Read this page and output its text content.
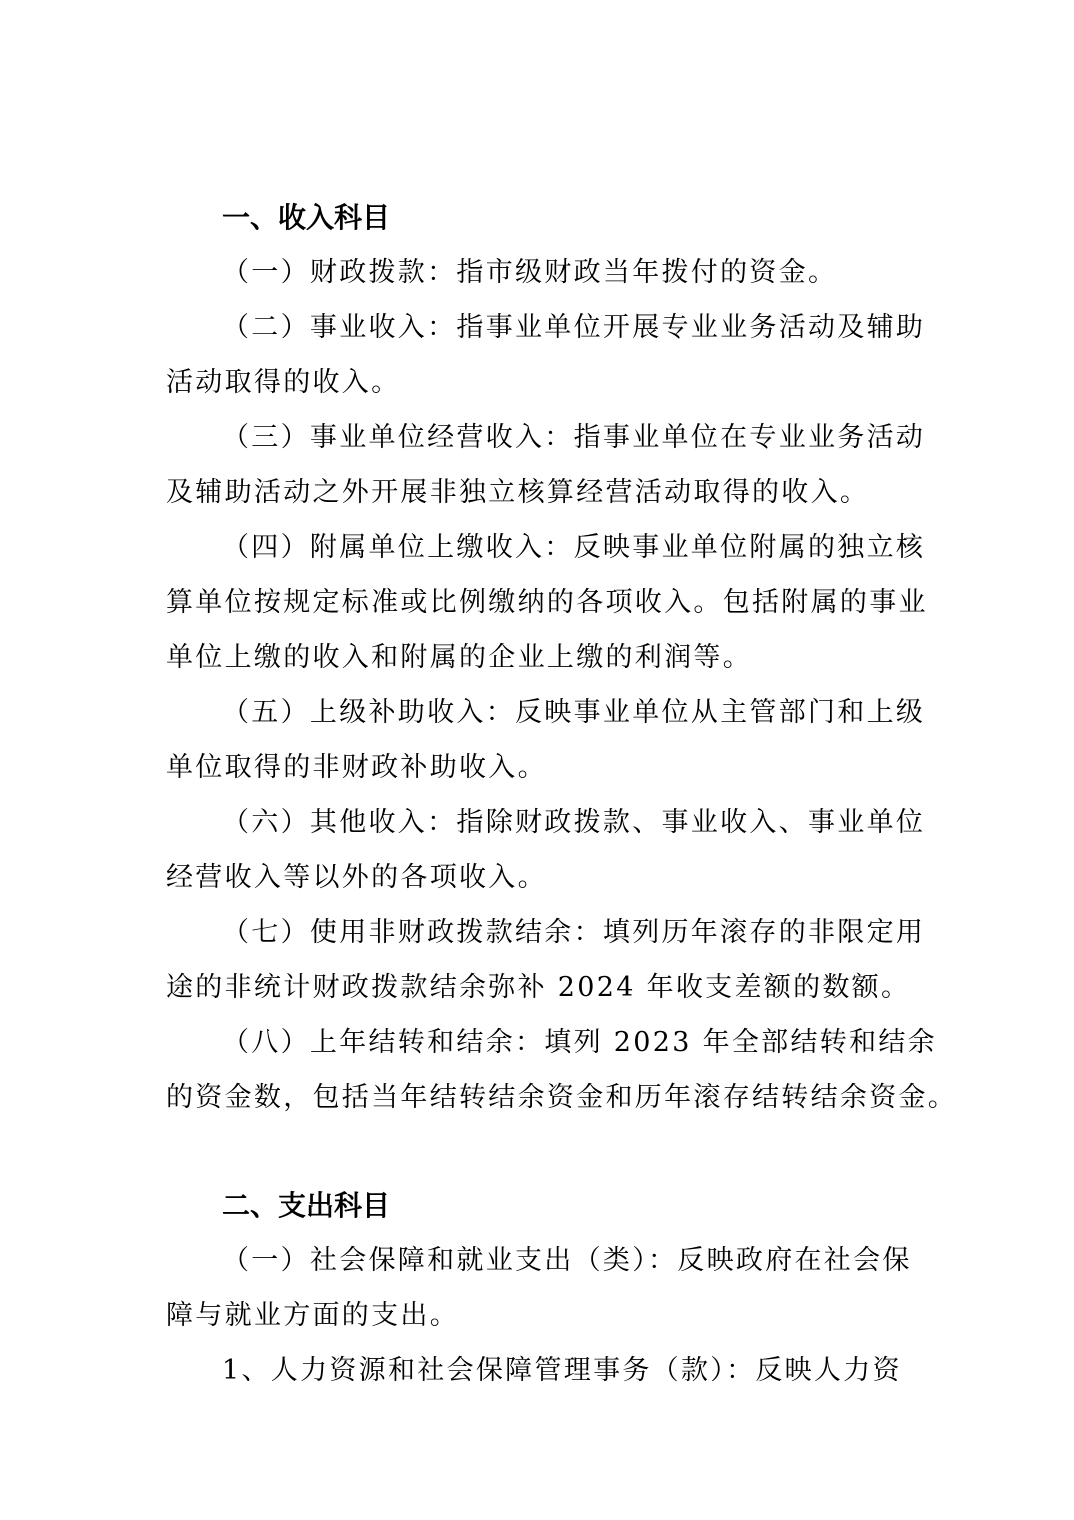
一、收入科目
（一）财政拨款：指市级财政当年拨付的资金。
（二）事业收入：指事业单位开展专业业务活动及辅助
活动取得的收入。
（三）事业单位经营收入：指事业单位在专业业务活动
及辅助活动之外开展非独立核算经营活动取得的收入。
（四）附属单位上缴收入：反映事业单位附属的独立核
算单位按规定标准或比例缴纳的各项收入。包括附属的事业
单位上缴的收入和附属的企业上缴的利润等。
（五）上级补助收入：反映事业单位从主管部门和上级
单位取得的非财政补助收入。
（六）其他收入：指除财政拨款、事业收入、事业单位
经营收入等以外的各项收入。
（七）使用非财政拨款结余：填列历年滚存的非限定用
途的非统计财政拨款结余弥补 2024 年收支差额的数额。
（八）上年结转和结余：填列 2023 年全部结转和结余
的资金数，包括当年结转结余资金和历年滚存结转结余资金。
二、支出科目
（一）社会保障和就业支出（类）：反映政府在社会保
障与就业方面的支出。
1、人力资源和社会保障管理事务（款）：反映人力资
